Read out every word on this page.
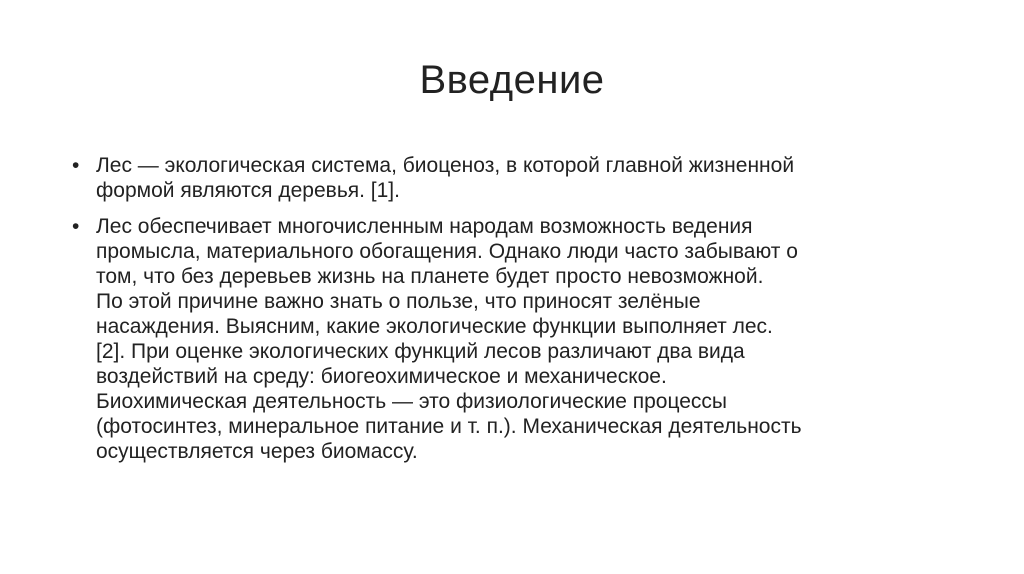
Введение
• Лес — экологическая система, биоценоз, в которой главной жизненной
формой являются деревья. [1].
• Лес обеспечивает многочисленным народам возможность ведения
промысла, материального обогащения. Однако люди часто забывают о
том, что без деревьев жизнь на планете будет просто невозможной.
По этой причине важно знать о пользе, что приносят зелёные
насаждения. Выясним, какие экологические функции выполняет лес.
[2]. При оценке экологических функций лесов различают два вида
воздействий на среду: биогеохимическое и механическое.
Биохимическая деятельность — это физиологические процессы
(фотосинтез, минеральное питание и т. п.). Механическая деятельность
осуществляется через биомассу.
